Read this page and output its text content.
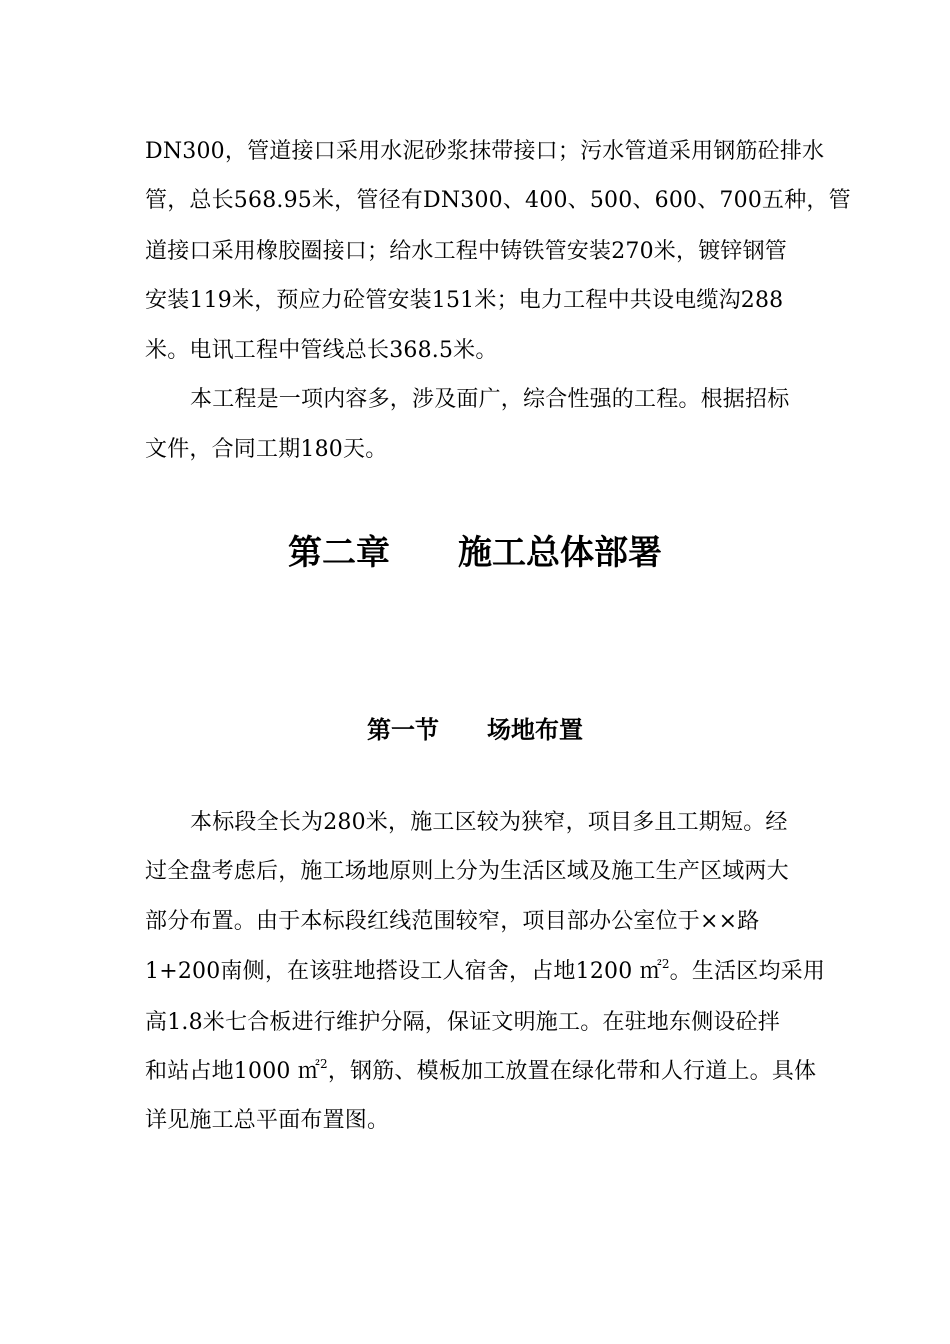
DN300，管道接口采用水泥砂浆抹带接口；污水管道采用钢筋砼排水
管，总长568.95米，管径有DN300、400、500、600、700五种，管
道接口采用橡胶圈接口；给水工程中铸铁管安装270米，镀锌钢管
安装119米，预应力砼管安装151米；电力工程中共设电缆沟288
米。电讯工程中管线总长368.5米。
本工程是一项内容多，涉及面广，综合性强的工程。根据招标
文件，合同工期180天。
第二章　　施工总体部署
第一节　　场地布置
本标段全长为280米，施工区较为狭窄，项目多且工期短。经
过全盘考虑后，施工场地原则上分为生活区域及施工生产区域两大
部分布置。由于本标段红线范围较窄，项目部办公室位于××路
1+200南侧，在该驻地搭设工人宿舍，占地1200 ㎡$^2$。生活区均采用
高1.8米七合板进行维护分隔，保证文明施工。在驻地东侧设砼拌
和站占地1000 ㎡$^2$，钢筋、模板加工放置在绿化带和人行道上。具体
详见施工总平面布置图。
